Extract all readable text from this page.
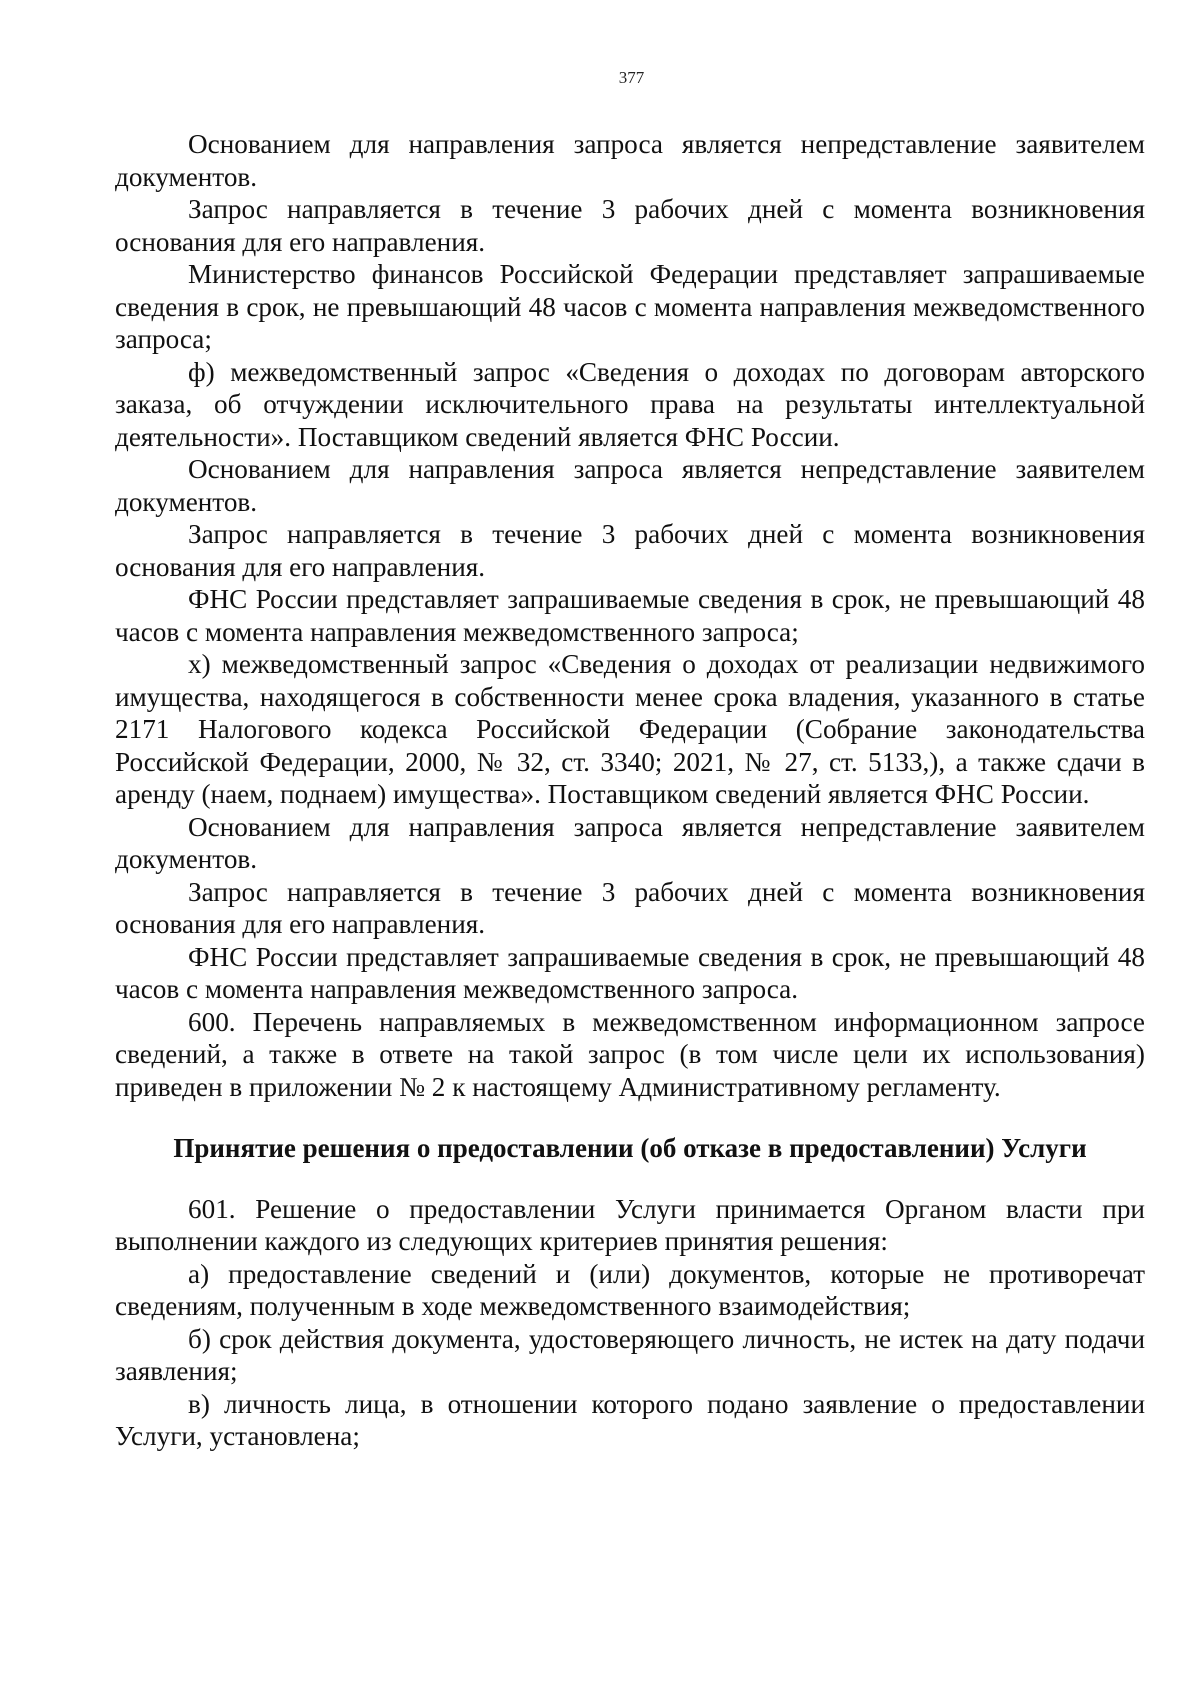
377

Основанием для направления запроса является непредставление заявителем документов.

Запрос направляется в течение 3 рабочих дней с момента возникновения основания для его направления.

Министерство финансов Российской Федерации представляет запрашиваемые сведения в срок, не превышающий 48 часов с момента направления межведомственного запроса;

ф) межведомственный запрос «Сведения о доходах по договорам авторского заказа, об отчуждении исключительного права на результаты интеллектуальной деятельности». Поставщиком сведений является ФНС России.

Основанием для направления запроса является непредставление заявителем документов.

Запрос направляется в течение 3 рабочих дней с момента возникновения основания для его направления.

ФНС России представляет запрашиваемые сведения в срок, не превышающий 48 часов с момента направления межведомственного запроса;

х) межведомственный запрос «Сведения о доходах от реализации недвижимого имущества, находящегося в собственности менее срока владения, указанного в статье 2171 Налогового кодекса Российской Федерации (Собрание законодательства Российской Федерации, 2000, № 32, ст. 3340; 2021, № 27, ст. 5133,), а также сдачи в аренду (наем, поднаем) имущества». Поставщиком сведений является ФНС России.

Основанием для направления запроса является непредставление заявителем документов.

Запрос направляется в течение 3 рабочих дней с момента возникновения основания для его направления.

ФНС России представляет запрашиваемые сведения в срок, не превышающий 48 часов с момента направления межведомственного запроса.

600. Перечень направляемых в межведомственном информационном запросе сведений, а также в ответе на такой запрос (в том числе цели их использования) приведен в приложении № 2 к настоящему Административному регламенту.

Принятие решения о предоставлении (об отказе в предоставлении) Услуги

601. Решение о предоставлении Услуги принимается Органом власти при выполнении каждого из следующих критериев принятия решения:

а) предоставление сведений и (или) документов, которые не противоречат сведениям, полученным в ходе межведомственного взаимодействия;

б) срок действия документа, удостоверяющего личность, не истек на дату подачи заявления;

в) личность лица, в отношении которого подано заявление о предоставлении Услуги, установлена;
